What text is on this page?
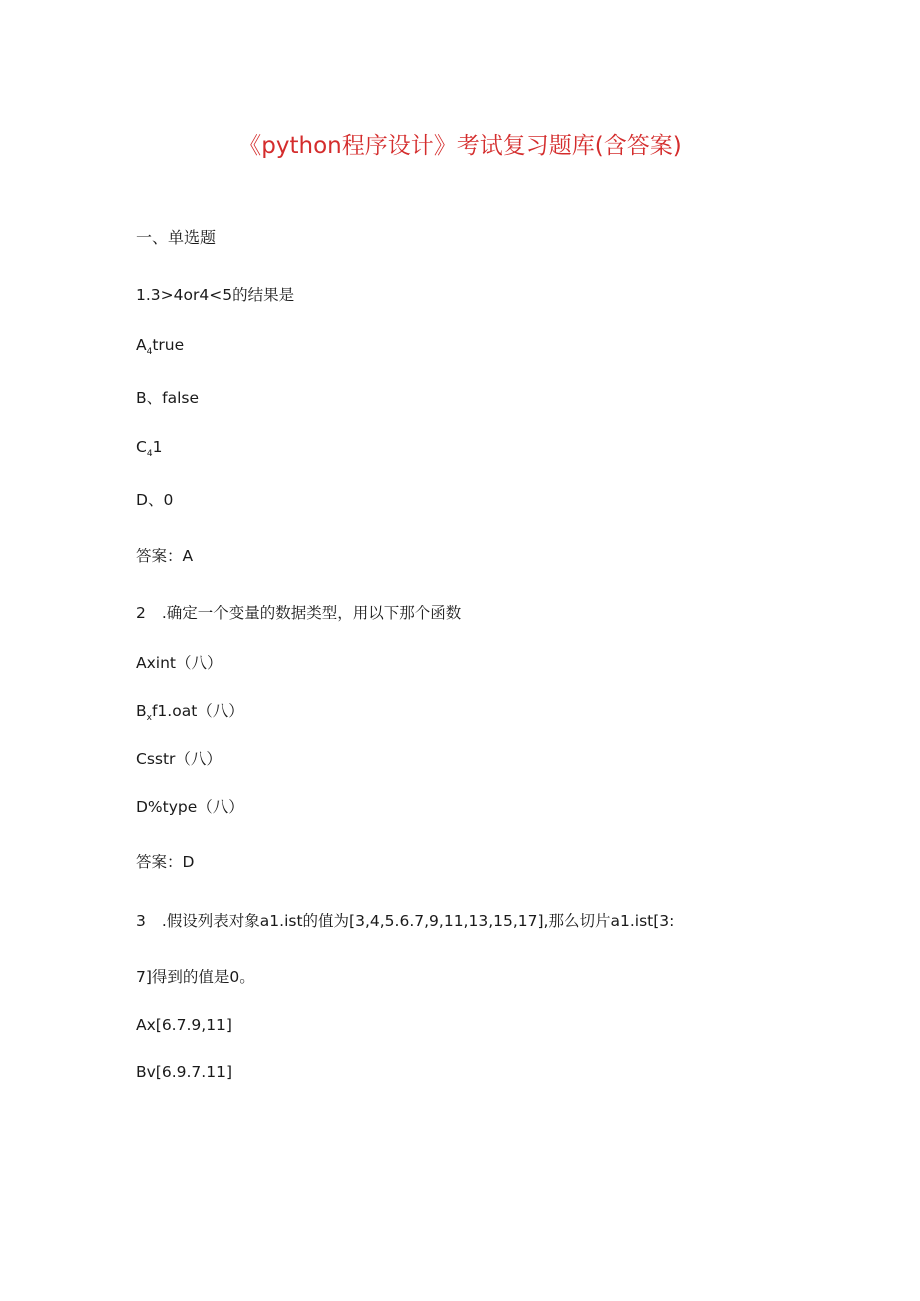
《python程序设计》考试复习题库(含答案)
一、单选题
1.3>4or4<5的结果是
$A_4true$
B、false
$C_41$
D、0
答案：A
2 .确定一个变量的数据类型，用以下那个函数
Axint（八）
$B_xf1.oat$（八）
Csstr（八）
D%type（八）
答案：D
3 .假设列表对象a1.ist的值为[3,4,5.6.7,9,11,13,15,17],那么切片a1.ist[3:
7]得到的值是0。
Ax[6.7.9,11]
Bv[6.9.7.11]
